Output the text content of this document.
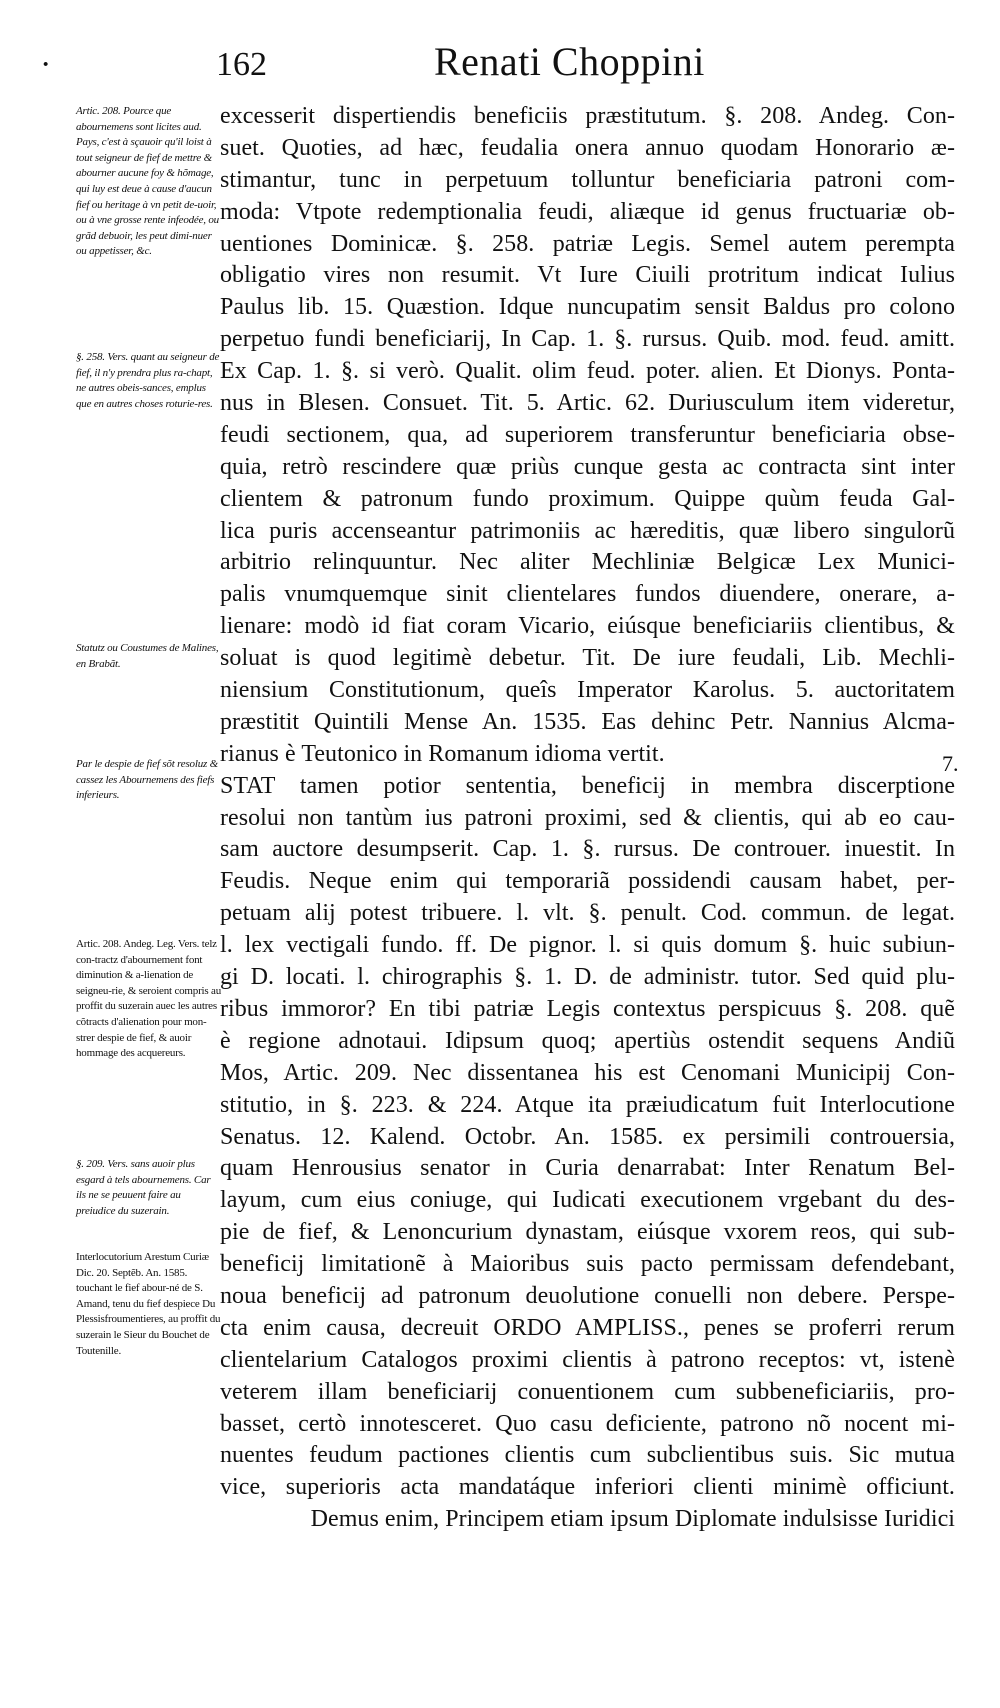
·	162	Renati Choppini
Artic. 208. Pource que abournemens sont licites aud. Pays, c'est à sçauoir qu'il loist à tout seigneur de fief de mettre & abourner aucune foy & hõmage, qui luy est deue à cause d'aucun fief ou heritage à vn petit de-uoir, ou à vne grosse rente infeodée, ou grãd debuoir, les peut dimi-nuer ou appetisser, &c.
§. 258. Vers. quant au seigneur de fief, il n'y prendra plus ra-chapt, ne autres obeis-sances, emplus que en autres choses roturie-res.
Statutz ou Coustumes de Malines, en Brabãt.
Par le despie de fief sõt resoluz & cassez les Abournemens des fiefs inferieurs.
Artic. 208. Andeg. Leg. Vers. telz con-tractz d'abournement font diminution & a-lienation de seigneu-rie, & seroient compris au proffit du suzerain auec les autres cõtracts d'alienation pour mon-strer despie de fief, & auoir hommage des acquereurs.
§. 209. Vers. sans auoir plus esgard à tels abournemens. Car ils ne se peuuent faire au preiudice du suzerain.
Interlocutorium Arestum Curiæ Dic. 20. Septẽb. An. 1585. touchant le fief abour-né de S. Amand, tenu du fief despiece Du Plessisfroumentieres, au proffit du suzerain le Sieur du Bouchet de Toutenille.
7.
excesserit dispertiendis beneficiis præstitutum. §. 208. Andeg. Con-
suet. Quoties, ad hæc, feudalia onera annuo quodam Honorario æ-
stimantur, tunc in perpetuum tolluntur beneficiaria patroni com-
moda: Vtpote redemptionalia feudi, aliæque id genus fructuariæ ob-
uentiones Dominicæ. §. 258. patriæ Legis. Semel autem perempta
obligatio vires non resumit. Vt Iure Ciuili protritum indicat Iulius
Paulus lib. 15. Quæstion. Idque nuncupatim sensit Baldus pro colono
perpetuo fundi beneficiarij, In Cap. 1. §. rursus. Quib. mod. feud. amitt.
Ex Cap. 1. §. si verò. Qualit. olim feud. poter. alien. Et Dionys. Ponta-
nus in Blesen. Consuet. Tit. 5. Artic. 62. Duriusculum item videretur,
feudi sectionem, qua, ad superiorem transferuntur beneficiaria obse-
quia, retrò rescindere quæ priùs cunque gesta ac contracta sint inter
clientem & patronum fundo proximum. Quippe quùm feuda Gal-
lica puris accenseantur patrimoniis ac hæreditis, quæ libero singulorũ
arbitrio relinquuntur. Nec aliter Mechliniæ Belgicæ Lex Munici-
palis vnumquemque sinit clientelares fundos diuendere, onerare, a-
lienare: modò id fiat coram Vicario, eiúsque beneficiariis clientibus, &
soluat is quod legitimè debetur. Tit. De iure feudali, Lib. Mechli-
niensium Constitutionum, queîs Imperator Karolus. 5. auctoritatem
præstitit Quintili Mense An. 1535. Eas dehinc Petr. Nannius Alcma-
rianus è Teutonico in Romanum idioma vertit.
STAT tamen potior sententia, beneficij in membra discerptione
resolui non tantùm ius patroni proximi, sed & clientis, qui ab eo cau-
sam auctore desumpserit. Cap. 1. §. rursus. De controuer. inuestit. In
Feudis. Neque enim qui temporariã possidendi causam habet, per-
petuam alij potest tribuere. l. vlt. §. penult. Cod. commun. de legat.
l. lex vectigali fundo. ff. De pignor. l. si quis domum §. huic subiun-
gi D. locati. l. chirographis §. 1. D. de administr. tutor. Sed quid plu-
ribus immoror? En tibi patriæ Legis contextus perspicuus §. 208. quẽ
è regione adnotaui. Idipsum quoq; apertiùs ostendit sequens Andiũ
Mos, Artic. 209. Nec dissentanea his est Cenomani Municipij Con-
stitutio, in §. 223. & 224. Atque ita præiudicatum fuit Interlocutione
Senatus. 12. Kalend. Octobr. An. 1585. ex persimili controuersia,
quam Henrousius senator in Curia denarrabat: Inter Renatum Bel-
layum, cum eius coniuge, qui Iudicati executionem vrgebant du des-
pie de fief, & Lenoncurium dynastam, eiúsque vxorem reos, qui sub-
beneficij limitationẽ à Maioribus suis pacto permissam defendebant,
noua beneficij ad patronum deuolutione conuelli non debere. Perspe-
cta enim causa, decreuit ORDO AMPLISS., penes se proferri rerum
clientelarium Catalogos proximi clientis à patrono receptos: vt, istenè
veterem illam beneficiarij conuentionem cum subbeneficiariis, pro-
basset, certò innotesceret. Quo casu deficiente, patrono nõ nocent mi-
nuentes feudum pactiones clientis cum subclientibus suis. Sic mutua
vice, superioris acta mandatáque inferiori clienti minimè officiunt.
Demus enim, Principem etiam ipsum Diplomate indulsisse Iuridici
